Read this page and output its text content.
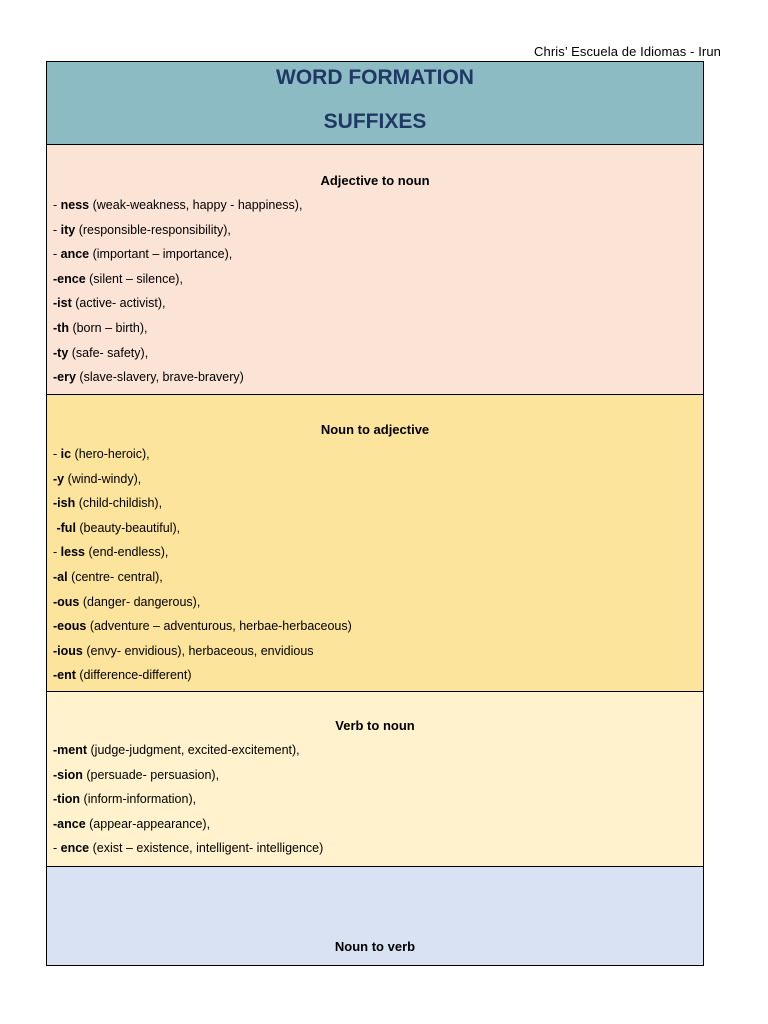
Chris’ Escuela de Idiomas - Irun
WORD FORMATION
SUFFIXES
Adjective to noun
- ness (weak-weakness, happy - happiness),
- ity (responsible-responsibility),
- ance (important – importance),
-ence (silent – silence),
-ist (active- activist),
-th (born – birth),
-ty (safe- safety),
-ery (slave-slavery, brave-bravery)
Noun to adjective
- ic (hero-heroic),
-y (wind-windy),
-ish (child-childish),
-ful (beauty-beautiful),
- less (end-endless),
-al (centre- central),
-ous (danger- dangerous),
-eous (adventure – adventurous, herbae-herbaceous)
-ious (envy- envidious), herbaceous, envidious
-ent (difference-different)
Verb to noun
-ment (judge-judgment, excited-excitement),
-sion (persuade- persuasion),
-tion (inform-information),
-ance (appear-appearance),
- ence (exist – existence, intelligent- intelligence)
Noun to verb
